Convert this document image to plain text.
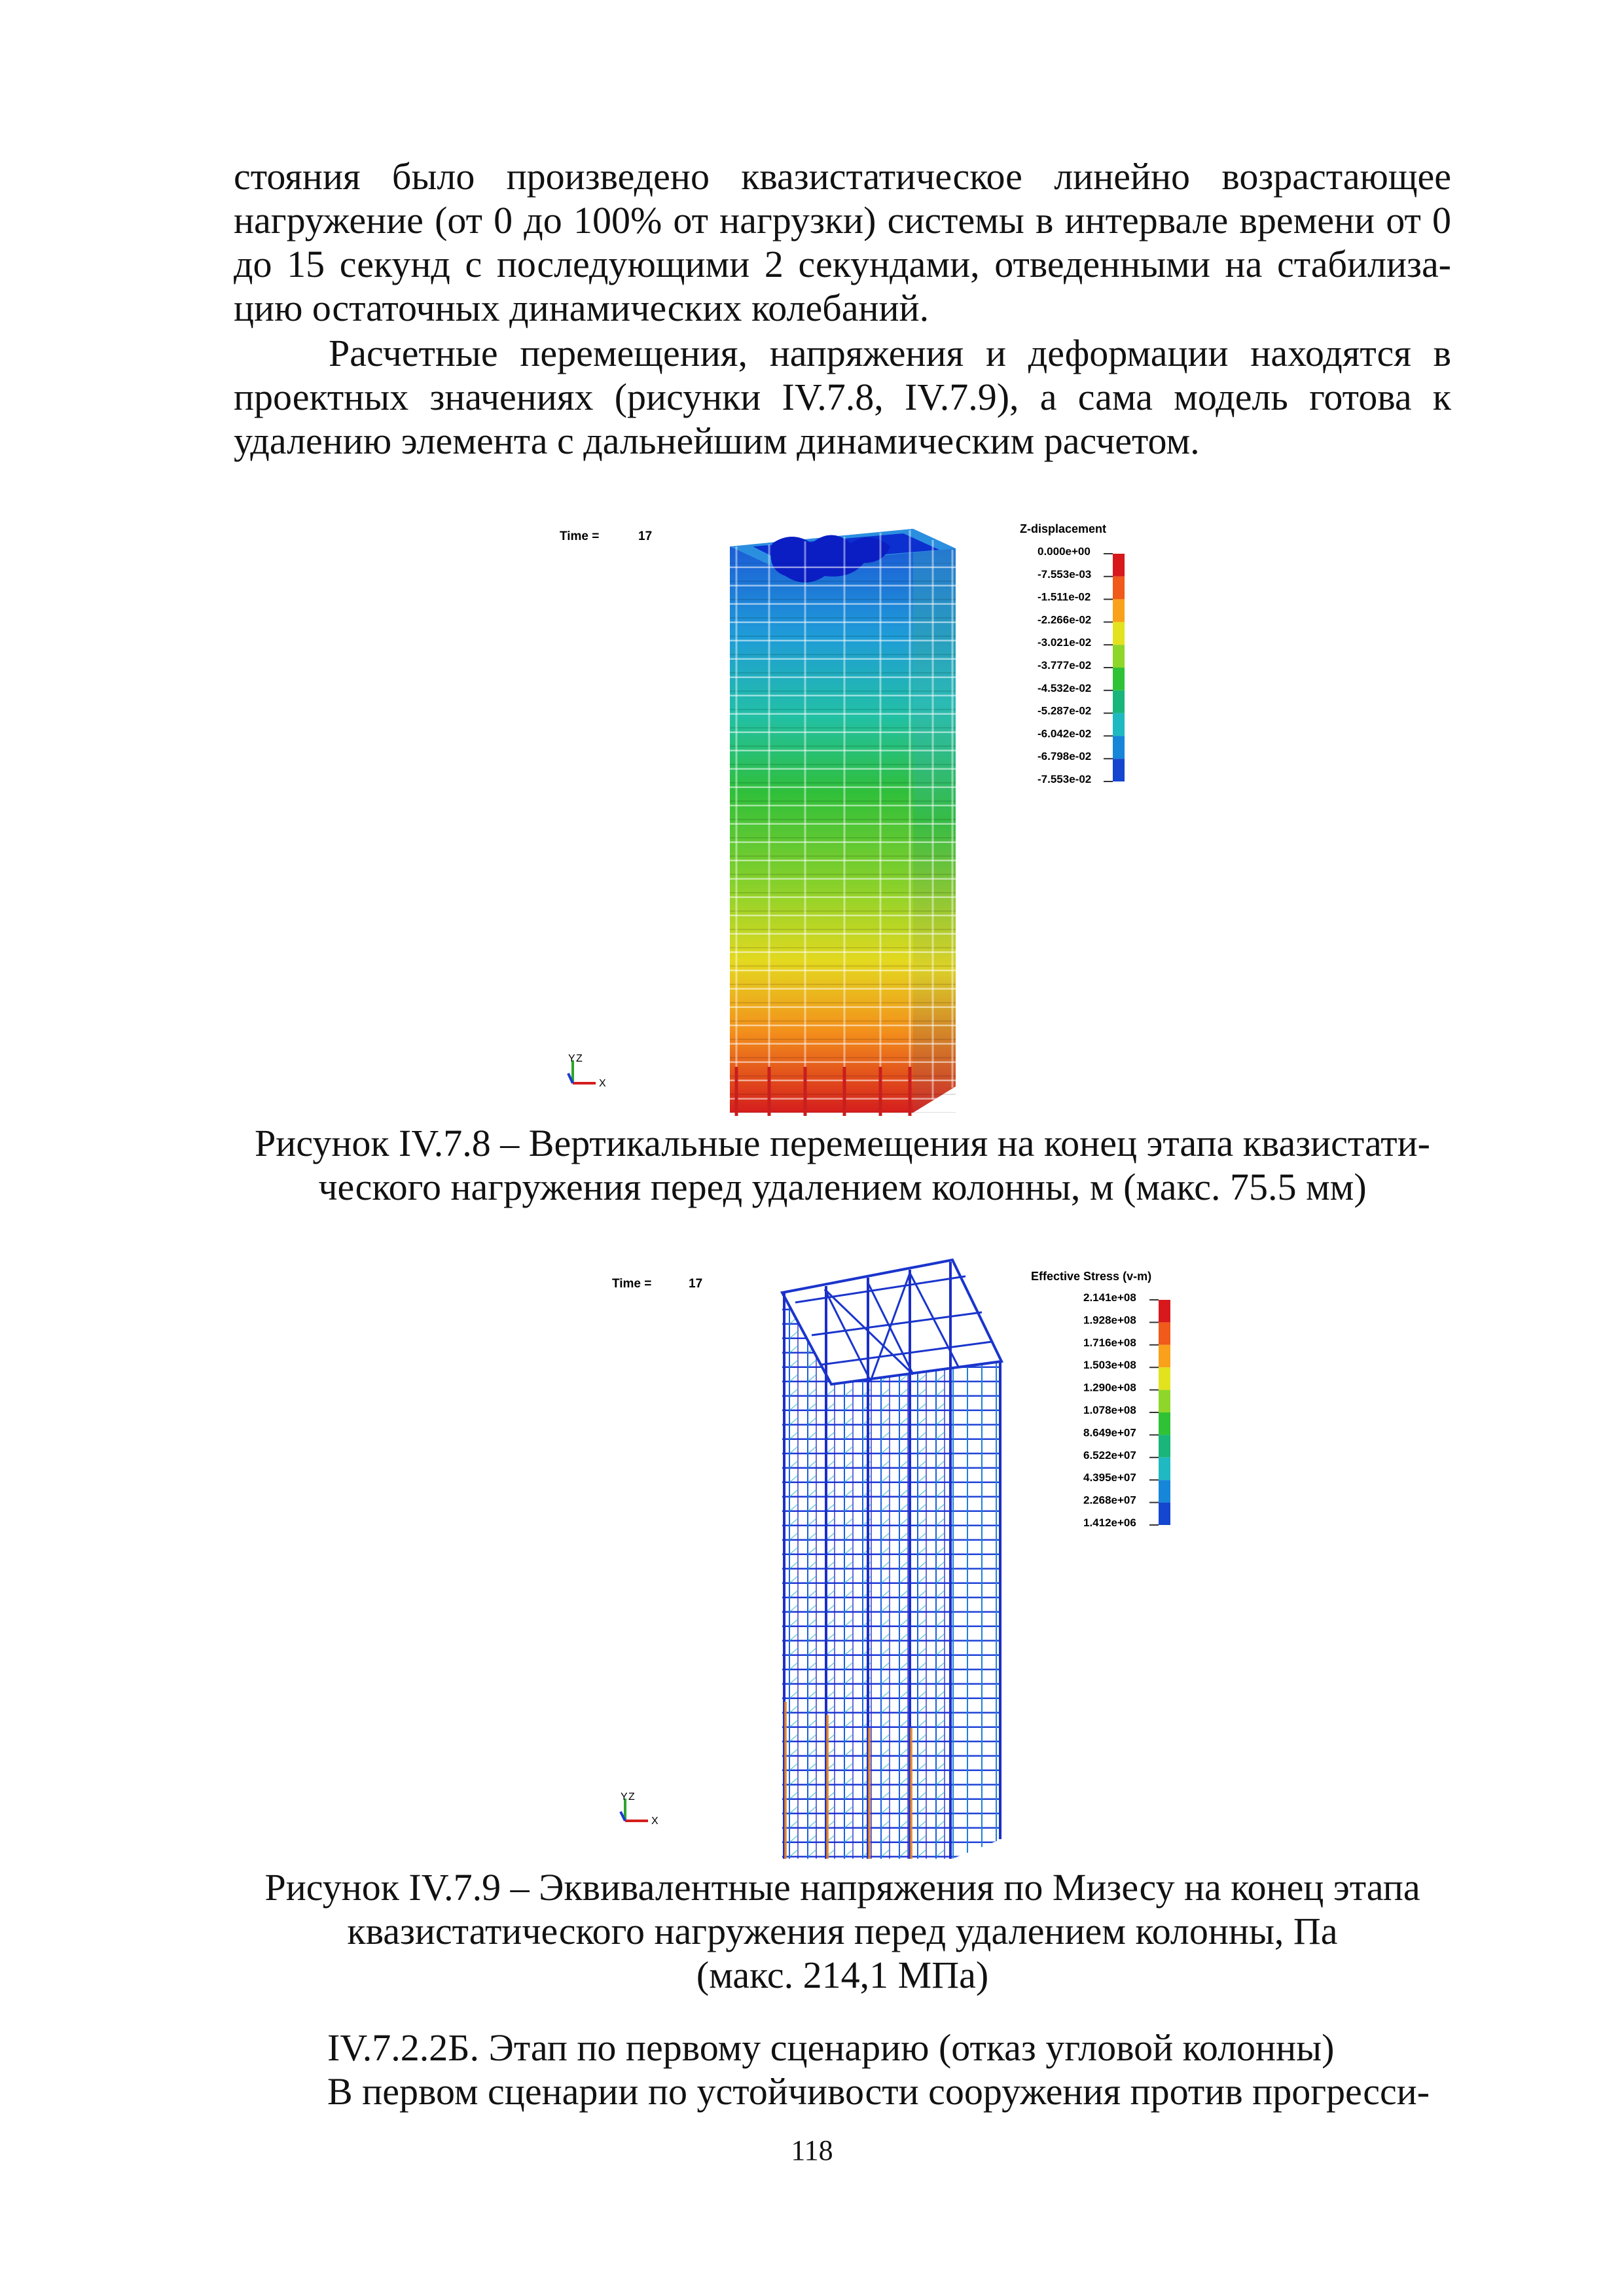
стояния было произведено квазистатическое линейно возрастающее
нагружение (от 0 до 100% от нагрузки) системы в интервале времени от 0
до 15 секунд с последующими 2 секундами, отведенными на стабилиза-
цию остаточных динамических колебаний.

Расчетные перемещения, напряжения и деформации находятся в
проектных значениях (рисунки IV.7.8, IV.7.9), а сама модель готова к
удалению элемента с дальнейшим динамическим расчетом.

Time =	17
Y Z
X
Z-displacement
0.000e+00
-7.553e-03
-1.511e-02
-2.266e-02
-3.021e-02
-3.777e-02
-4.532e-02
-5.287e-02
-6.042e-02
-6.798e-02
-7.553e-02

Рисунок IV.7.8 – Вертикальные перемещения на конец этапа квазистати-
ческого нагружения перед удалением колонны, м (макс. 75.5 мм)

Time =	17
Y Z
X
Effective Stress (v-m)
2.141e+08
1.928e+08
1.716e+08
1.503e+08
1.290e+08
1.078e+08
8.649e+07
6.522e+07
4.395e+07
2.268e+07
1.412e+06

Рисунок IV.7.9 – Эквивалентные напряжения по Мизесу на конец этапа
квазистатического нагружения перед удалением колонны, Па
(макс. 214,1 МПа)

IV.7.2.2Б. Этап по первому сценарию (отказ угловой колонны)
В первом сценарии по устойчивости сооружения против прогресси-
118
